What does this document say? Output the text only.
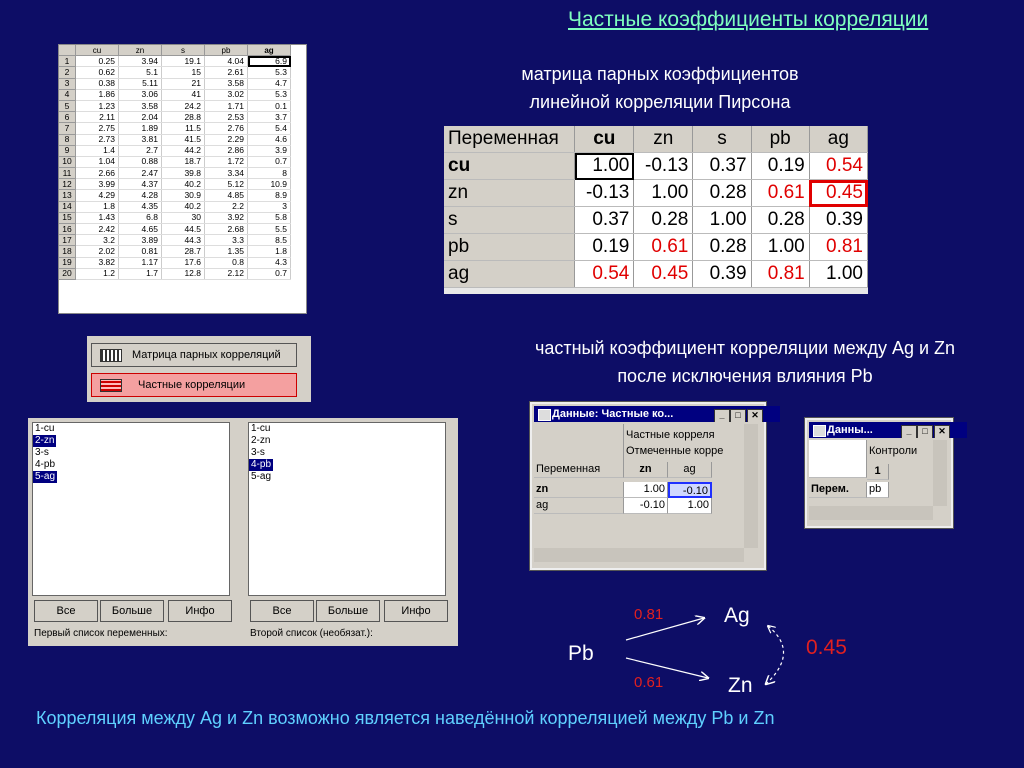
Частные коэффициенты корреляции
	cu	zn	s	pb	ag
1	0.25	3.94	19.1	4.04	6.9
2	0.62	5.1	15	2.61	5.3
3	0.38	5.11	21	3.58	4.7
4	1.86	3.06	41	3.02	5.3
5	1.23	3.58	24.2	1.71	0.1
6	2.11	2.04	28.8	2.53	3.7
7	2.75	1.89	11.5	2.76	5.4
8	2.73	3.81	41.5	2.29	4.6
9	1.4	2.7	44.2	2.86	3.9
10	1.04	0.88	18.7	1.72	0.7
11	2.66	2.47	39.8	3.34	8
12	3.99	4.37	40.2	5.12	10.9
13	4.29	4.28	30.9	4.85	8.9
14	1.8	4.35	40.2	2.2	3
15	1.43	6.8	30	3.92	5.8
16	2.42	4.65	44.5	2.68	5.5
17	3.2	3.89	44.3	3.3	8.5
18	2.02	0.81	28.7	1.35	1.8
19	3.82	1.17	17.6	0.8	4.3
20	1.2	1.7	12.8	2.12	0.7
матрица парных коэффициентов
линейной корреляции Пирсона
Переменная	cu	zn	s	pb	ag
cu	1.00	-0.13	0.37	0.19	0.54
zn	-0.13	1.00	0.28	0.61	0.45
s	0.37	0.28	1.00	0.28	0.39
pb	0.19	0.61	0.28	1.00	0.81
ag	0.54	0.45	0.39	0.81	1.00
Матрица парных корреляций
Частные корреляции
1-cu
2-zn
3-s
4-pb
5-ag
1-cu
2-zn
3-s
4-pb
5-ag
Все	Больше	Инфо	Все	Больше	Инфо
Первый список переменных:	Второй список (необязат.):
частный коэффициент корреляции между Ag и Zn
после исключения влияния Pb
Данные: Частные ко...	_	□	✕
Частные корреля
Отмеченные корре
Переменная	zn	ag
zn	1.00	-0.10
ag	-0.10	1.00
Данны...	_	□	✕
Контроли
1
Перем.	pb
Ag
Zn
Pb
0.81
0.61
0.45
Корреляция между Ag и Zn возможно является наведённой корреляцией между Pb и Zn
